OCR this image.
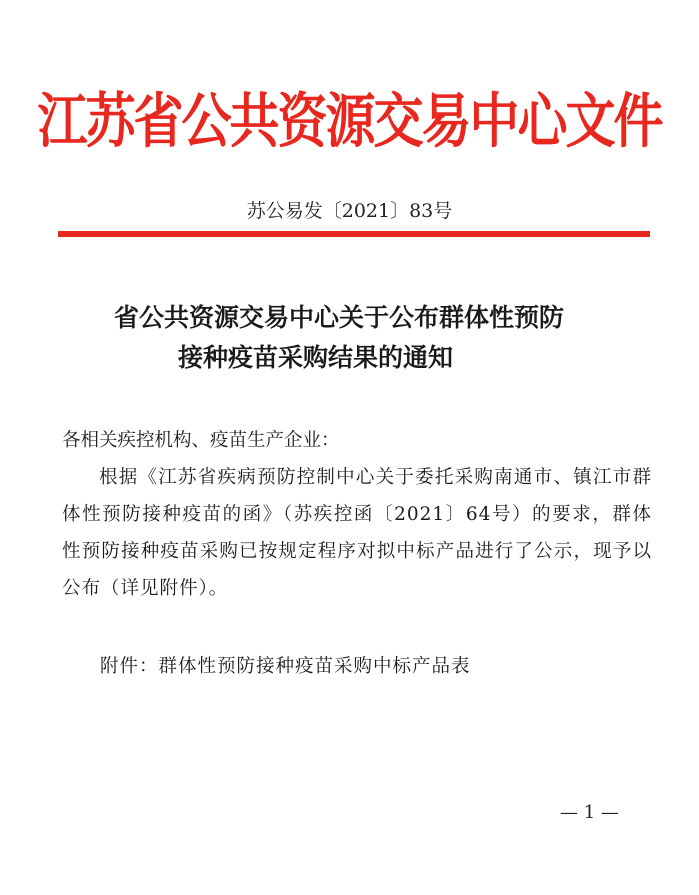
江苏省公共资源交易中心文件
苏公易发〔2021〕83号
省公共资源交易中心关于公布群体性预防
接种疫苗采购结果的通知

各相关疾控机构、疫苗生产企业：

根据《江苏省疾病预防控制中心关于委托采购南通市、镇江市群体性预防接种疫苗的函》（苏疾控函〔2021〕64号）的要求，群体性预防接种疫苗采购已按规定程序对拟中标产品进行了公示，现予以公布（详见附件）。

附件：群体性预防接种疫苗采购中标产品表
— 1 —
